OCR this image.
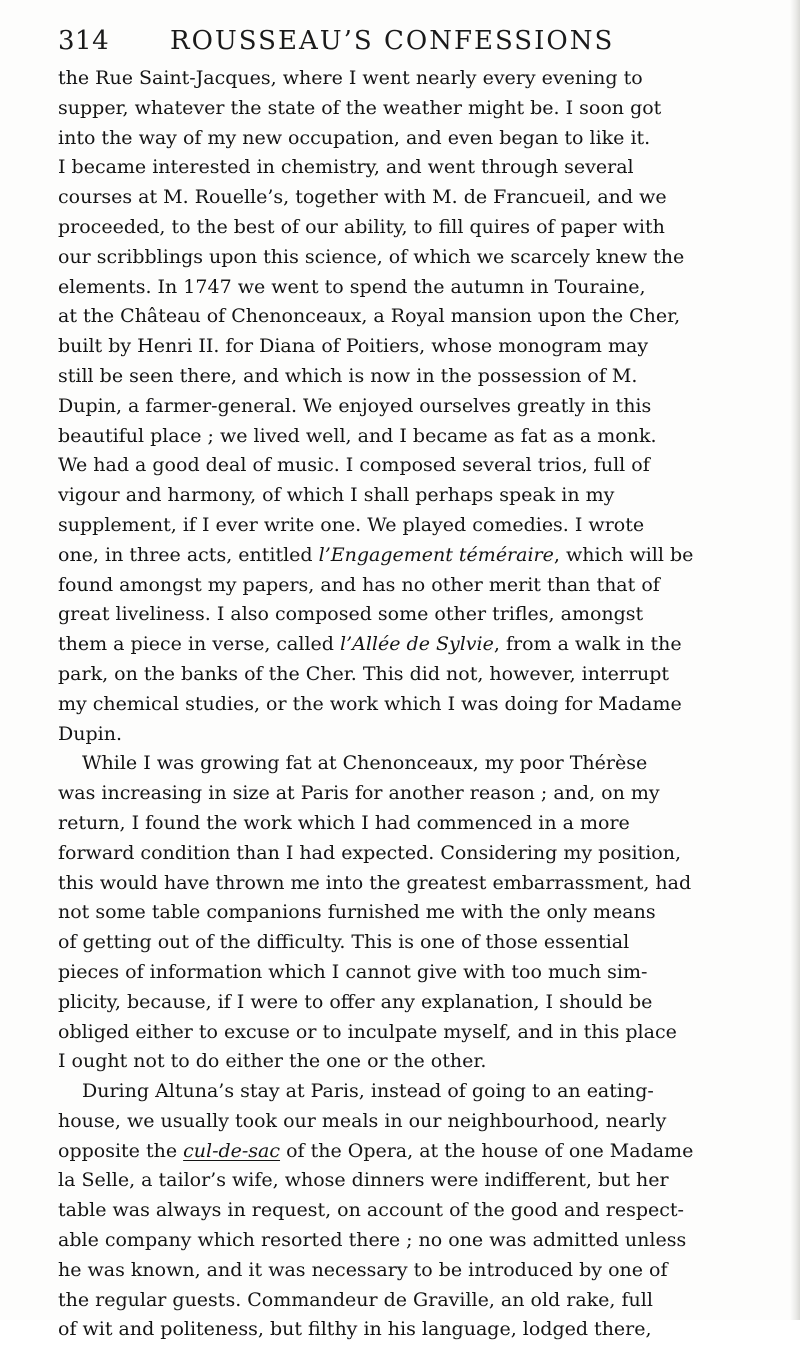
314 ROUSSEAU’S CONFESSIONS
the Rue Saint-Jacques, where I went nearly every evening to
supper, whatever the state of the weather might be. I soon got
into the way of my new occupation, and even began to like it.
I became interested in chemistry, and went through several
courses at M. Rouelle’s, together with M. de Francueil, and we
proceeded, to the best of our ability, to fill quires of paper with
our scribblings upon this science, of which we scarcely knew the
elements. In 1747 we went to spend the autumn in Touraine,
at the Château of Chenonceaux, a Royal mansion upon the Cher,
built by Henri II. for Diana of Poitiers, whose monogram may
still be seen there, and which is now in the possession of M.
Dupin, a farmer-general. We enjoyed ourselves greatly in this
beautiful place ; we lived well, and I became as fat as a monk.
We had a good deal of music. I composed several trios, full of
vigour and harmony, of which I shall perhaps speak in my
supplement, if I ever write one. We played comedies. I wrote
one, in three acts, entitled l’Engagement téméraire, which will be
found amongst my papers, and has no other merit than that of
great liveliness. I also composed some other trifles, amongst
them a piece in verse, called l’Allée de Sylvie, from a walk in the
park, on the banks of the Cher. This did not, however, interrupt
my chemical studies, or the work which I was doing for Madame
Dupin.
While I was growing fat at Chenonceaux, my poor Thérèse
was increasing in size at Paris for another reason ; and, on my
return, I found the work which I had commenced in a more
forward condition than I had expected. Considering my position,
this would have thrown me into the greatest embarrassment, had
not some table companions furnished me with the only means
of getting out of the difficulty. This is one of those essential
pieces of information which I cannot give with too much sim-
plicity, because, if I were to offer any explanation, I should be
obliged either to excuse or to inculpate myself, and in this place
I ought not to do either the one or the other.
During Altuna’s stay at Paris, instead of going to an eating-
house, we usually took our meals in our neighbourhood, nearly
opposite the cul-de-sac of the Opera, at the house of one Madame
la Selle, a tailor’s wife, whose dinners were indifferent, but her
table was always in request, on account of the good and respect-
able company which resorted there ; no one was admitted unless
he was known, and it was necessary to be introduced by one of
the regular guests. Commandeur de Graville, an old rake, full
of wit and politeness, but filthy in his language, lodged there,
